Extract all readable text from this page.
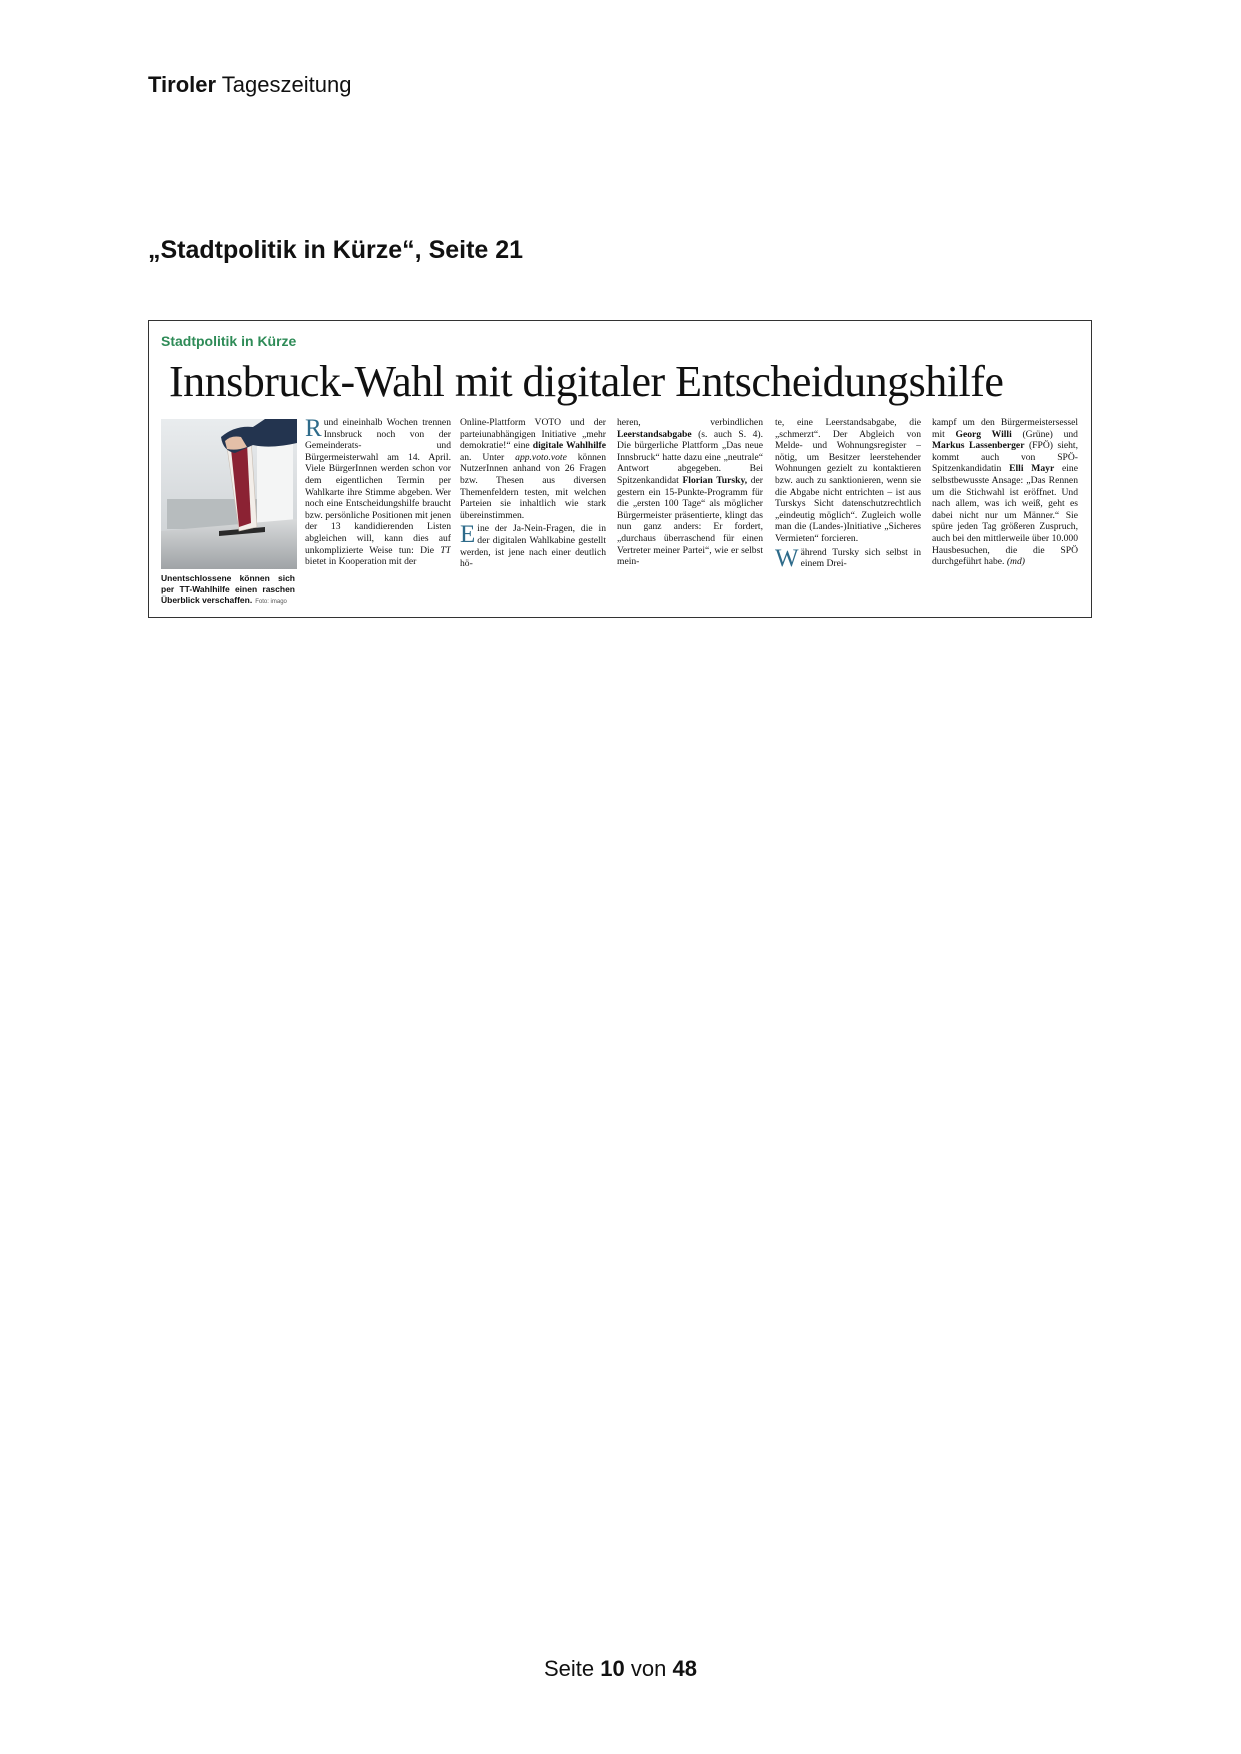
Tiroler Tageszeitung
„Stadtpolitik in Kürze“, Seite 21
Stadtpolitik in Kürze
Innsbruck-Wahl mit digitaler Entscheidungshilfe
Unentschlossene können sich per TT-Wahlhilfe einen raschen Überblick verschaffen. Foto: imago

Rund eineinhalb Wochen trennen Innsbruck noch von der Gemeinderats- und Bürgermeisterwahl am 14. April. Viele BürgerInnen werden schon vor dem eigentlichen Termin per Wahlkarte ihre Stimme abgeben. Wer noch eine Entscheidungshilfe braucht bzw. persönliche Positionen mit jenen der 13 kandidierenden Listen abgleichen will, kann dies auf unkomplizierte Weise tun: Die TT bietet in Kooperation mit der

Online-Plattform VOTO und der parteiunabhängigen Initiative „mehr demokratie!“ eine digitale Wahlhilfe an. Unter app.voto.vote können NutzerInnen anhand von 26 Fragen bzw. Thesen aus diversen Themenfeldern testen, mit welchen Parteien sie inhaltlich wie stark übereinstimmen.

Eine der Ja-Nein-Fragen, die in der digitalen Wahlkabine gestellt werden, ist jene nach einer deutlich hö-

heren, verbindlichen Leerstandsabgabe (s. auch S. 4). Die bürgerliche Plattform „Das neue Innsbruck“ hatte dazu eine „neutrale“ Antwort abgegeben. Bei Spitzenkandidat Florian Tursky, der gestern ein 15-Punkte-Programm für die „ersten 100 Tage“ als möglicher Bürgermeister präsentierte, klingt das nun ganz anders: Er fordert, „durchaus überraschend für einen Vertreter meiner Partei“, wie er selbst mein-

te, eine Leerstandsabgabe, die „schmerzt“. Der Abgleich von Melde- und Wohnungsregister – nötig, um Besitzer leerstehender Wohnungen gezielt zu kontaktieren bzw. auch zu sanktionieren, wenn sie die Abgabe nicht entrichten – ist aus Turskys Sicht datenschutzrechtlich „eindeutig möglich“. Zugleich wolle man die (Landes-)Initiative „Sicheres Vermieten“ forcieren.

Während Tursky sich selbst in einem Drei-

kampf um den Bürgermeistersessel mit Georg Willi (Grüne) und Markus Lassenberger (FPÖ) sieht, kommt auch von SPÖ-Spitzenkandidatin Elli Mayr eine selbstbewusste Ansage: „Das Rennen um die Stichwahl ist eröffnet. Und nach allem, was ich weiß, geht es dabei nicht nur um Männer.“ Sie spüre jeden Tag größeren Zuspruch, auch bei den mittlerweile über 10.000 Hausbesuchen, die die SPÖ durchgeführt habe. (md)

Seite 10 von 48
